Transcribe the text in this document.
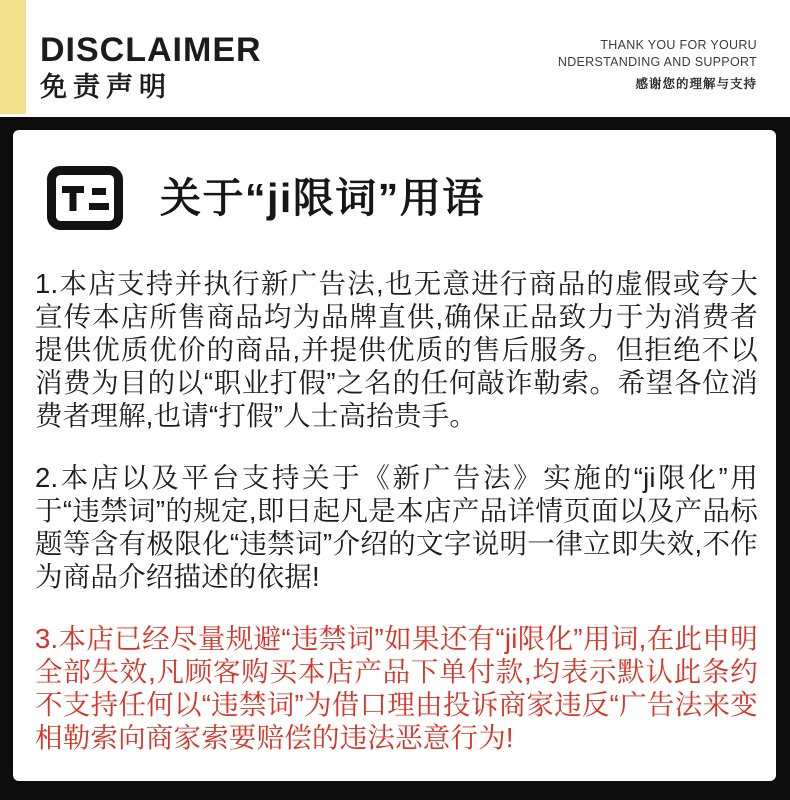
DISCLAIMER
免责声明
THANK YOU FOR YOURU
NDERSTANDING AND SUPPORT
感谢您的理解与支持
关于“ji限词”用语

1.本店支持并执行新广告法,也无意进行商品的虚假或夸大宣传本店所售商品均为品牌直供,确保正品致力于为消费者提供优质优价的商品,并提供优质的售后服务。但拒绝不以消费为目的以“职业打假”之名的任何敲诈勒索。希望各位消费者理解,也请“打假”人士高抬贵手。

2.本店以及平台支持关于《新广告法》实施的“ji限化”用于“违禁词”的规定,即日起凡是本店产品详情页面以及产品标题等含有极限化“违禁词”介绍的文字说明一律立即失效,不作为商品介绍描述的依据!

3.本店已经尽量规避“违禁词”如果还有“ji限化”用词,在此申明全部失效,凡顾客购买本店产品下单付款,均表示默认此条约不支持任何以“违禁词”为借口理由投诉商家违反“广告法来变相勒索向商家索要赔偿的违法恶意行为!
